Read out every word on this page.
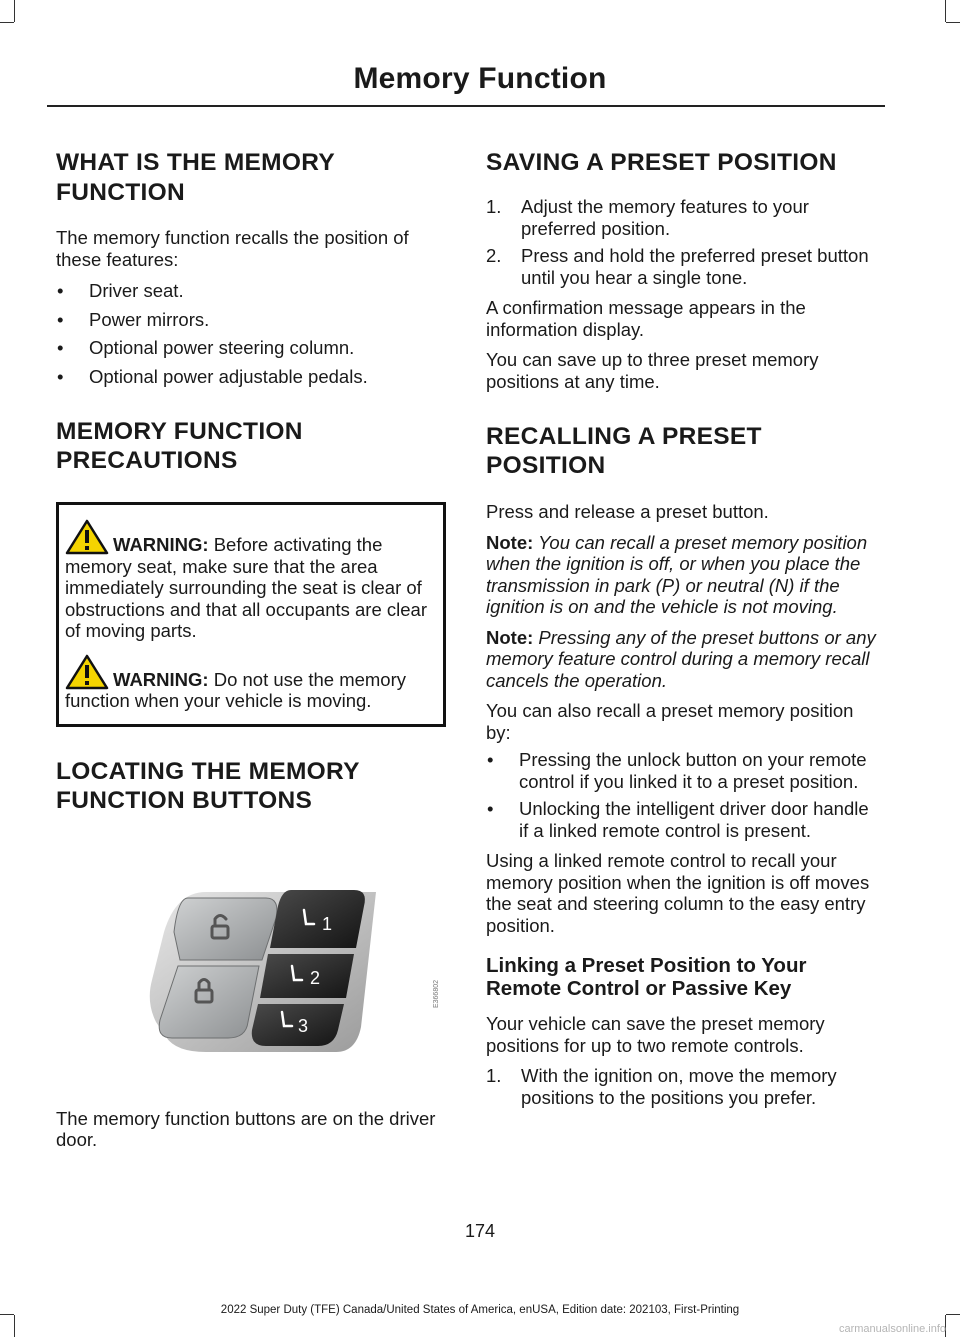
Memory Function
WHAT IS THE MEMORY
FUNCTION

The memory function recalls the position of these features:

• Driver seat.
• Power mirrors.
• Optional power steering column.
• Optional power adjustable pedals.
MEMORY FUNCTION
PRECAUTIONS
WARNING: Before activating the memory seat, make sure that the area immediately surrounding the seat is clear of obstructions and that all occupants are clear of moving parts.
WARNING: Do not use the memory function when your vehicle is moving.
LOCATING THE MEMORY
FUNCTION BUTTONS
1
2
3
E366802

The memory function buttons are on the driver door.

SAVING A PRESET POSITION
1. Adjust the memory features to your preferred position.
2. Press and hold the preferred preset button until you hear a single tone.

A confirmation message appears in the information display.

You can save up to three preset memory positions at any time.

RECALLING A PRESET
POSITION

Press and release a preset button.

Note: You can recall a preset memory position when the ignition is off, or when you place the transmission in park (P) or neutral (N) if the ignition is on and the vehicle is not moving.

Note: Pressing any of the preset buttons or any memory feature control during a memory recall cancels the operation.

You can also recall a preset memory position by:

• Pressing the unlock button on your remote control if you linked it to a preset position.
• Unlocking the intelligent driver door handle if a linked remote control is present.

Using a linked remote control to recall your memory position when the ignition is off moves the seat and steering column to the easy entry position.

Linking a Preset Position to Your Remote Control or Passive Key

Your vehicle can save the preset memory positions for up to two remote controls.

1. With the ignition on, move the memory positions to the positions you prefer.
174
2022 Super Duty (TFE) Canada/United States of America, enUSA, Edition date: 202103, First-Printing
carmanualsonline.info
